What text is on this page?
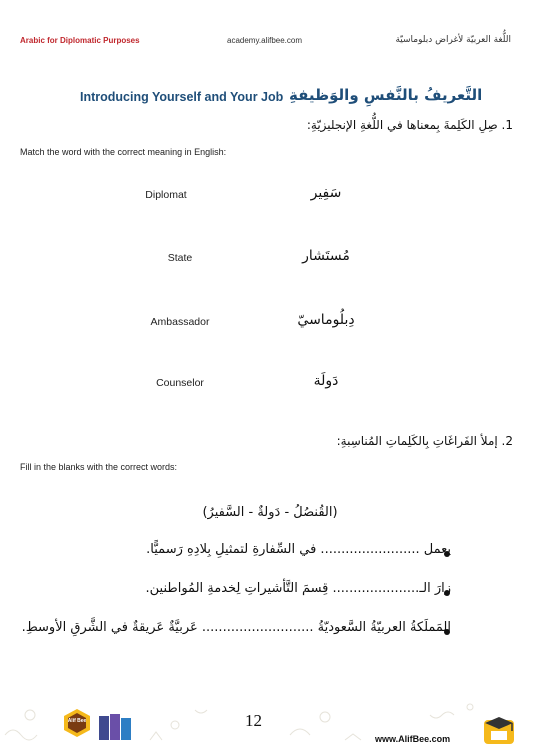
Arabic for Diplomatic Purposes	academy.alifbee.com	اللُّغة العربيّة لأغراض دبلوماسيّة
Introducing Yourself and Your Job التَّعريفُ بالنَّفسِ والوَظيفةِ
1. صِلِ الكَلِمةَ بِمعناها في اللُّغةِ الإنجليزيّةِ:
Match the word with the correct meaning in English:
Diplomat	سَفِير
State	مُستَشار
Ambassador	دِبلُوماسيّ
Counselor	دَولَة
2. إملأ الفَراغَاتِ بِالكَلِماتِ المُناسِبةِ:
Fill in the blanks with the correct words:
(القُنصُلُ - دَولةٌ - السَّفيرُ)
يعمل ........................ في السِّفارةِ لتمثيلِ بِلادِهِ رَسميًّا.
زارَ الـ..................... قِسمَ التَّأشيراتِ لِخدمةِ المُواطنين.
المَملَكةُ العربيّةُ السَّعوديّةُ ........................... عَربيَّةٌ عَريقةٌ في الشَّرقِ الأوسطِ.
Alif Bee	12
www.AlifBee.com
